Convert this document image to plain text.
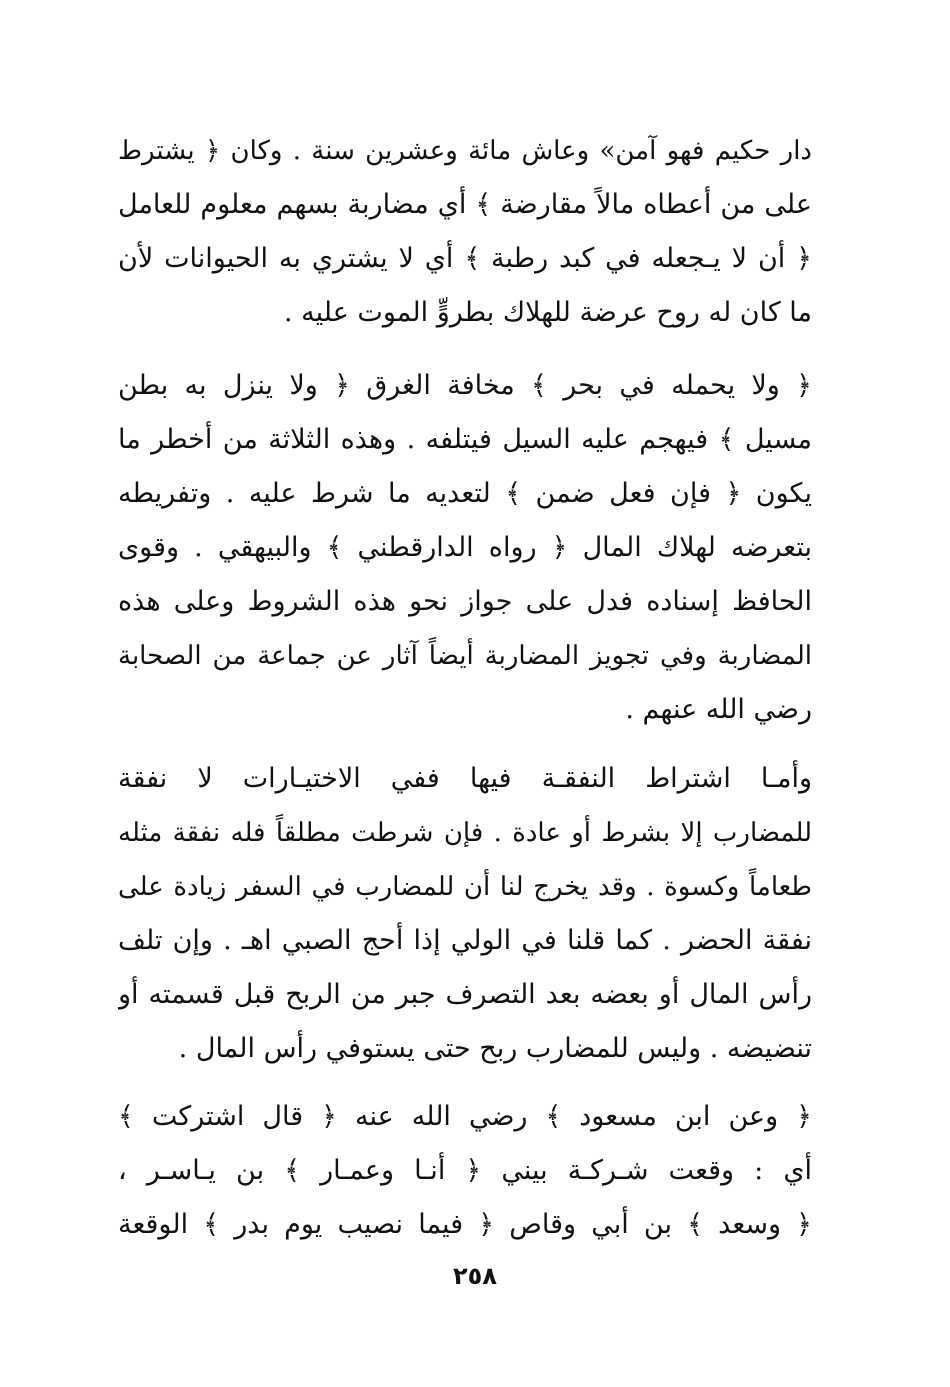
دار حكيم فهو آمن» وعاش مائة وعشرين سنة . وكان ﴿ يشترط
على من أعطاه مالاً مقارضة ﴾ أي مضاربة بسهم معلوم للعامل
﴿ أن لا يـجعله في كبد رطبة ﴾ أي لا يشتري به الحيوانات لأن
ما كان له روح عرضة للهلاك بطروٍّ الموت عليه .
﴿ ولا يحمله في بحر ﴾ مخافة الغرق ﴿ ولا ينزل به بطن
مسيل ﴾ فيهجم عليه السيل فيتلفه . وهذه الثلاثة من أخطر ما
يكون ﴿ فإن فعل ضمن ﴾ لتعديه ما شرط عليه . وتفريطه
بتعرضه لهلاك المال ﴿ رواه الدارقطني ﴾ والبيهقي . وقوى
الحافظ إسناده فدل على جواز نحو هذه الشروط وعلى هذه
المضاربة وفي تجويز المضاربة أيضاً آثار عن جماعة من الصحابة
رضي الله عنهم .
وأمـا اشتراط النفقـة فيها ففي الاختيـارات لا نفقة
للمضارب إلا بشرط أو عادة . فإن شرطت مطلقاً فله نفقة مثله
طعاماً وكسوة . وقد يخرج لنا أن للمضارب في السفر زيادة على
نفقة الحضر . كما قلنا في الولي إذا أحج الصبي اهـ . وإن تلف
رأس المال أو بعضه بعد التصرف جبر من الربح قبل قسمته أو
تنضيضه . وليس للمضارب ربح حتى يستوفي رأس المال .
﴿ وعن ابن مسعود ﴾ رضي الله عنه ﴿ قال اشتركت ﴾
أي : وقعت شـركـة بيني ﴿ أنـا وعمـار ﴾ بن يـاسـر ،
﴿ وسعد ﴾ بن أبي وقاص ﴿ فيما نصيب يوم بدر ﴾ الوقعة
٢٥٨
